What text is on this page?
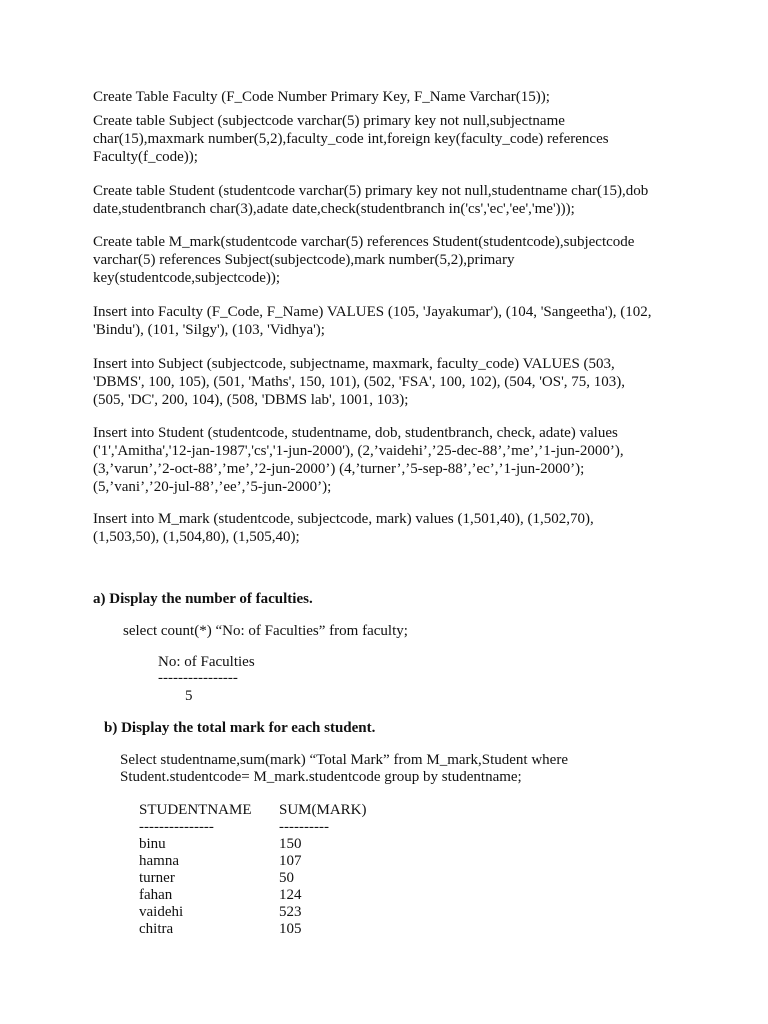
Create Table Faculty (F_Code Number Primary Key, F_Name Varchar(15));
Create table Subject (subjectcode varchar(5) primary key not null,subjectname
char(15),maxmark number(5,2),faculty_code int,foreign key(faculty_code) references
Faculty(f_code));
Create table Student (studentcode varchar(5) primary key not null,studentname char(15),dob
date,studentbranch char(3),adate date,check(studentbranch in('cs','ec','ee','me')));
Create table M_mark(studentcode varchar(5) references Student(studentcode),subjectcode
varchar(5) references Subject(subjectcode),mark number(5,2),primary
key(studentcode,subjectcode));
Insert into Faculty (F_Code, F_Name) VALUES (105, 'Jayakumar'), (104, 'Sangeetha'), (102,
'Bindu'), (101, 'Silgy'), (103, 'Vidhya');
Insert into Subject (subjectcode, subjectname, maxmark, faculty_code) VALUES (503,
'DBMS', 100, 105), (501, 'Maths', 150, 101), (502, 'FSA', 100, 102), (504, 'OS', 75, 103),
(505, 'DC', 200, 104), (508, 'DBMS lab', 1001, 103);
Insert into Student (studentcode, studentname, dob, studentbranch, check, adate) values
('1','Amitha','12-jan-1987','cs','1-jun-2000'), (2,’vaidehi’,’25-dec-88’,’me’,’1-jun-2000’),
(3,’varun’,’2-oct-88’,’me’,’2-jun-2000’) (4,’turner’,’5-sep-88’,’ec’,’1-jun-2000’);
(5,’vani’,’20-jul-88’,’ee’,’5-jun-2000’);
Insert into M_mark (studentcode, subjectcode, mark) values (1,501,40), (1,502,70),
(1,503,50), (1,504,80), (1,505,40);
a) Display the number of faculties.
select count(*) “No: of Faculties” from faculty;
No: of Faculties
----------------
5
b) Display the total mark for each student.
Select studentname,sum(mark) “Total Mark” from M_mark,Student where
Student.studentcode= M_mark.studentcode group by studentname;
STUDENTNAME SUM(MARK)
---------------	----------
binu	150
hamna	107
turner	50
fahan	124
vaidehi	523
chitra	105
